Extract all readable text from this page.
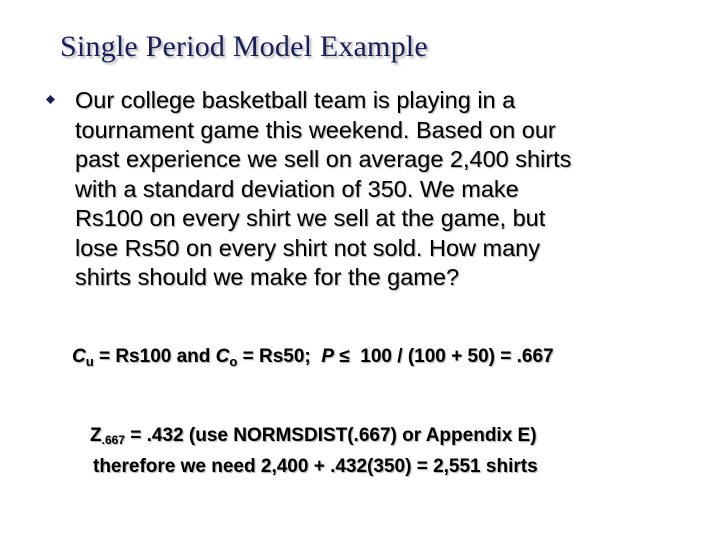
Single Period Model Example
Our college basketball team is playing in a
tournament game this weekend. Based on our
past experience we sell on average 2,400 shirts
with a standard deviation of 350. We make
Rs100 on every shirt we sell at the game, but
lose Rs50 on every shirt not sold. How many
shirts should we make for the game?
$C_u = Rs100$ and $C_o = Rs50$;  P ≤  100 / (100 + 50) = .667
$Z_{.667} = .432$ (use NORMSDIST(.667) or Appendix E)
therefore we need 2,400 + .432(350) = 2,551 shirts
